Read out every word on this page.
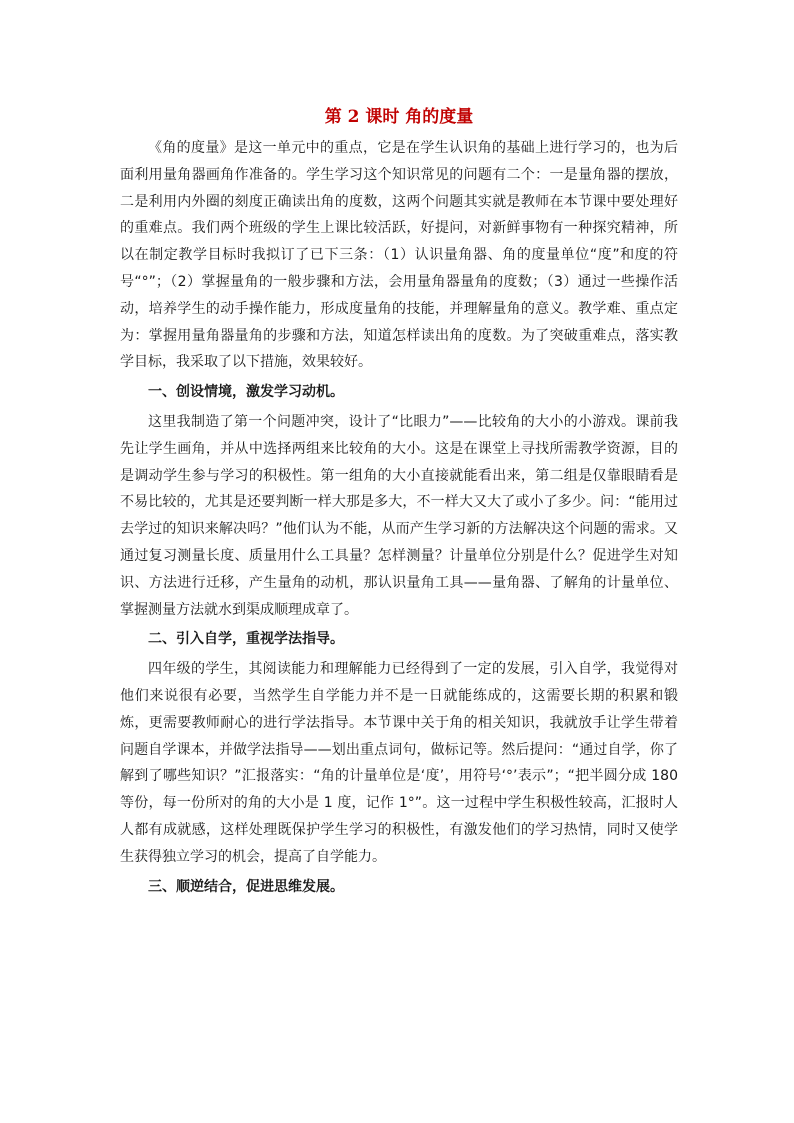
第 2 课时 角的度量

《角的度量》是这一单元中的重点，它是在学生认识角的基础上进行学习的，也为后面利用量角器画角作准备的。学生学习这个知识常见的问题有二个：一是量角器的摆放，二是利用内外圈的刻度正确读出角的度数，这两个问题其实就是教师在本节课中要处理好的重难点。我们两个班级的学生上课比较活跃，好提问，对新鲜事物有一种探究精神，所以在制定教学目标时我拟订了已下三条：（1）认识量角器、角的度量单位“度”和度的符号“°”；（2）掌握量角的一般步骤和方法，会用量角器量角的度数；（3）通过一些操作活动，培养学生的动手操作能力，形成度量角的技能，并理解量角的意义。教学难、重点定为：掌握用量角器量角的步骤和方法，知道怎样读出角的度数。为了突破重难点，落实教学目标，我采取了以下措施，效果较好。

一、创设情境，激发学习动机。

这里我制造了第一个问题冲突，设计了“比眼力”——比较角的大小的小游戏。课前我先让学生画角，并从中选择两组来比较角的大小。这是在课堂上寻找所需教学资源，目的是调动学生参与学习的积极性。第一组角的大小直接就能看出来，第二组是仅靠眼睛看是不易比较的，尤其是还要判断一样大那是多大，不一样大又大了或小了多少。问：“能用过去学过的知识来解决吗？”他们认为不能，从而产生学习新的方法解决这个问题的需求。又通过复习测量长度、质量用什么工具量？怎样测量？计量单位分别是什么？促进学生对知识、方法进行迁移，产生量角的动机，那认识量角工具——量角器、了解角的计量单位、掌握测量方法就水到渠成顺理成章了。

二、引入自学，重视学法指导。

四年级的学生，其阅读能力和理解能力已经得到了一定的发展，引入自学，我觉得对他们来说很有必要，当然学生自学能力并不是一日就能练成的，这需要长期的积累和锻炼，更需要教师耐心的进行学法指导。本节课中关于角的相关知识，我就放手让学生带着问题自学课本，并做学法指导——划出重点词句，做标记等。然后提问：“通过自学，你了解到了哪些知识？”汇报落实：“角的计量单位是‘度’，用符号‘°’表示”；“把半圆分成 180 等份，每一份所对的角的大小是 1 度，记作 1°”。这一过程中学生积极性较高，汇报时人人都有成就感，这样处理既保护学生学习的积极性，有激发他们的学习热情，同时又使学生获得独立学习的机会，提高了自学能力。

三、顺逆结合，促进思维发展。
